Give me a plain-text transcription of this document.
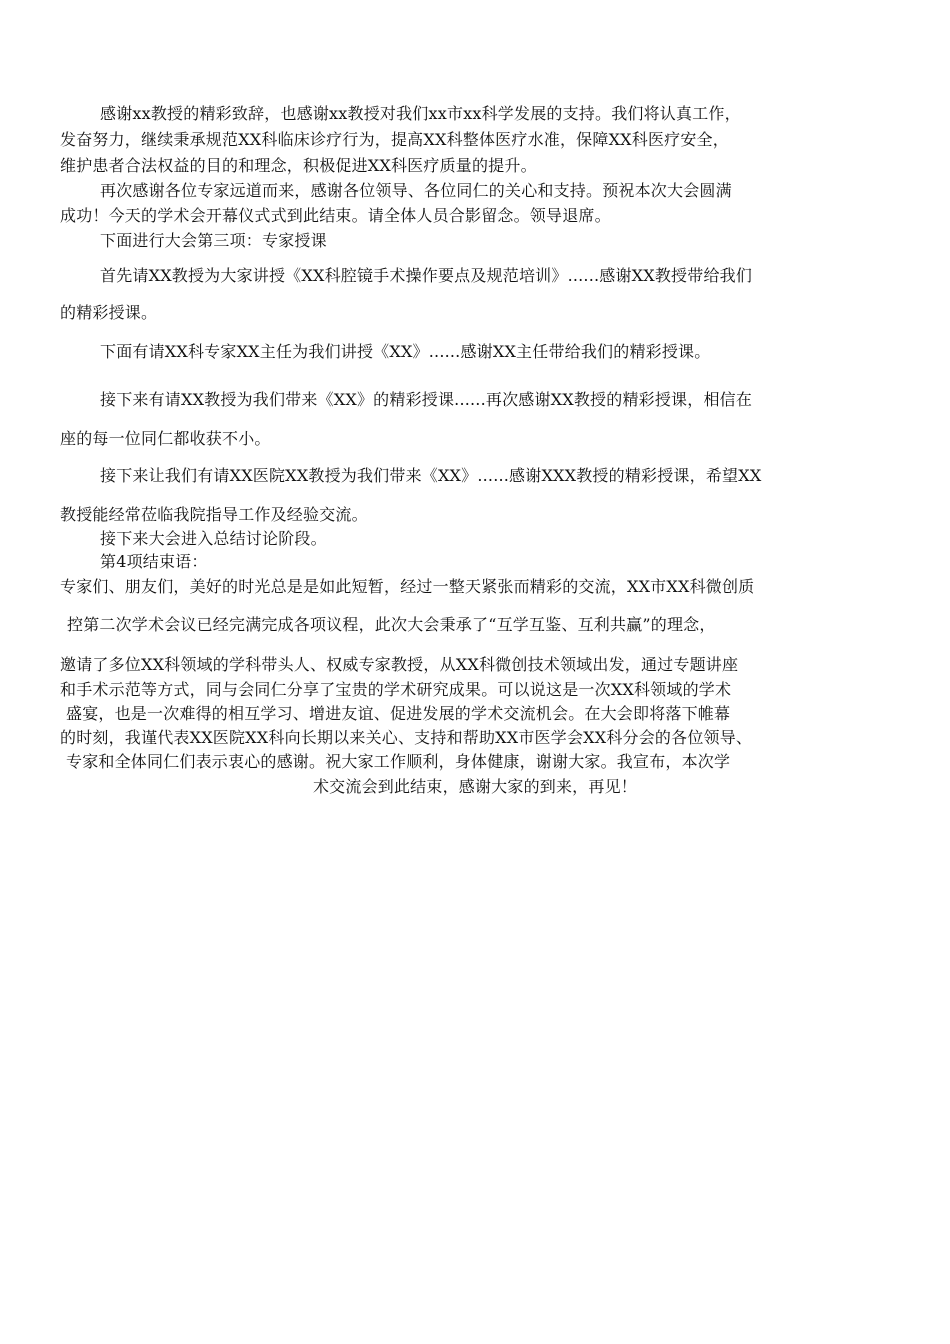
感谢xx教授的精彩致辞，也感谢xx教授对我们xx市xx科学发展的支持。我们将认真工作，
发奋努力，继续秉承规范XX科临床诊疗行为，提高XX科整体医疗水准，保障XX科医疗安全，
维护患者合法权益的目的和理念，积极促进XX科医疗质量的提升。
再次感谢各位专家远道而来，感谢各位领导、各位同仁的关心和支持。预祝本次大会圆满
成功！今天的学术会开幕仪式式到此结束。请全体人员合影留念。领导退席。
下面进行大会第三项：专家授课
首先请XX教授为大家讲授《XX科腔镜手术操作要点及规范培训》......感谢XX教授带给我们
的精彩授课。
下面有请XX科专家XX主任为我们讲授《XX》......感谢XX主任带给我们的精彩授课。
接下来有请XX教授为我们带来《XX》的精彩授课......再次感谢XX教授的精彩授课，相信在
座的每一位同仁都收获不小。
接下来让我们有请XX医院XX教授为我们带来《XX》......感谢XXX教授的精彩授课，希望XX
教授能经常莅临我院指导工作及经验交流。
接下来大会进入总结讨论阶段。
第4项结束语：
专家们、朋友们，美好的时光总是是如此短暂，经过一整天紧张而精彩的交流，XX市XX科微创质
控第二次学术会议已经完满完成各项议程，此次大会秉承了“互学互鉴、互利共赢”的理念，
邀请了多位XX科领域的学科带头人、权威专家教授，从XX科微创技术领域出发，通过专题讲座
和手术示范等方式，同与会同仁分享了宝贵的学术研究成果。可以说这是一次XX科领域的学术
盛宴，也是一次难得的相互学习、增进友谊、促进发展的学术交流机会。在大会即将落下帷幕
的时刻，我谨代表XX医院XX科向长期以来关心、支持和帮助XX市医学会XX科分会的各位领导、
专家和全体同仁们表示衷心的感谢。祝大家工作顺利，身体健康，谢谢大家。我宣布，本次学
术交流会到此结束，感谢大家的到来，再见！
